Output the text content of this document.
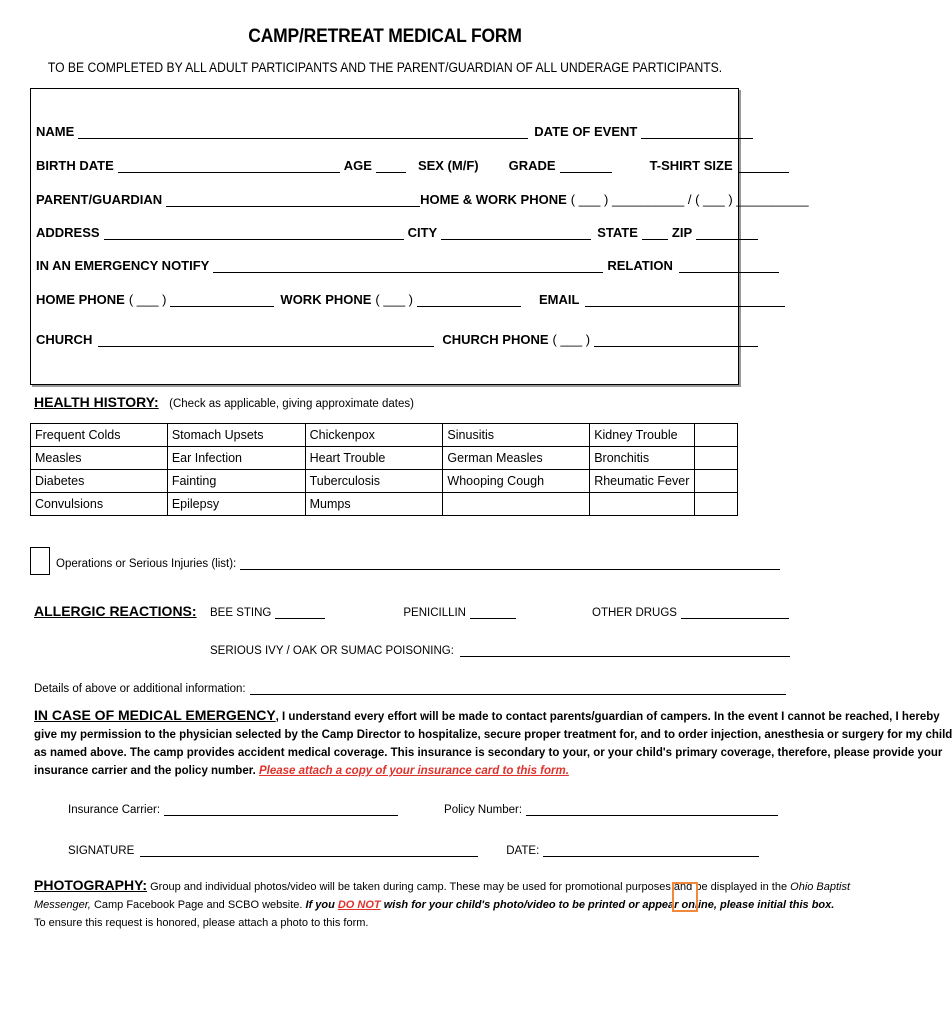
CAMP/RETREAT MEDICAL FORM
TO BE COMPLETED BY ALL ADULT PARTICIPANTS AND THE PARENT/GUARDIAN OF ALL UNDERAGE PARTICIPANTS.
NAME	DATE OF EVENT
BIRTH DATE	AGE	SEX (M/F) GRADE	T-SHIRT SIZE
PARENT/GUARDIAN	HOME & WORK PHONE ( ___ ) __________ / ( ___ ) __________
ADDRESS	CITY	STATE	ZIP
IN AN EMERGENCY NOTIFY	RELATION
HOME PHONE ( ___ )	WORK PHONE ( ___ )	EMAIL
CHURCH	CHURCH PHONE ( ___ )
HEALTH HISTORY: (Check as applicable, giving approximate dates)
Frequent Colds	Stomach Upsets	Chickenpox	Sinusitis	Kidney Trouble	
Measles	Ear Infection	Heart Trouble	German Measles	Bronchitis	
Diabetes	Fainting	Tuberculosis	Whooping Cough	Rheumatic Fever	
Convulsions	Epilepsy	Mumps			
Operations or Serious Injuries (list):
ALLERGIC REACTIONS: BEE STING	PENICILLIN	OTHER DRUGS
SERIOUS IVY / OAK OR SUMAC POISONING:
Details of above or additional information:
IN CASE OF MEDICAL EMERGENCY, I understand every effort will be made to contact parents/guardian of campers. In the event I cannot be reached, I hereby
give my permission to the physician selected by the Camp Director to hospitalize, secure proper treatment for, and to order injection, anesthesia or surgery for my child
as named above. The camp provides accident medical coverage. This insurance is secondary to your, or your child's primary coverage, therefore, please provide your
insurance carrier and the policy number. Please attach a copy of your insurance card to this form.
Insurance Carrier:	Policy Number:
SIGNATURE	DATE:
PHOTOGRAPHY: Group and individual photos/video will be taken during camp. These may be used for promotional purposes and be displayed in the Ohio Baptist
Messenger, Camp Facebook Page and SCBO website. If you DO NOT wish for your child's photo/video to be printed or appear online, please initial this box.
To ensure this request is honored, please attach a photo to this form.
